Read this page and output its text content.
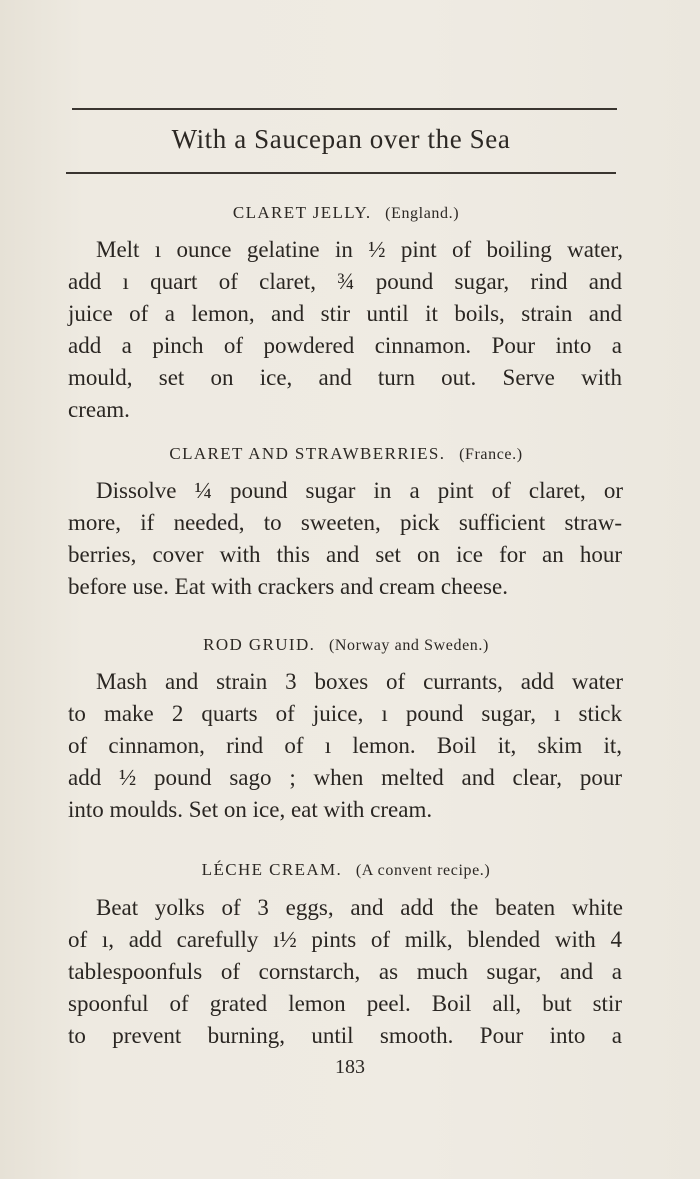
With a Saucepan over the Sea
CLARET JELLY. (England.)
Melt ı ounce gelatine in ½ pint of boiling water,
add ı quart of claret, ¾ pound sugar, rind and
juice of a lemon, and stir until it boils, strain and
add a pinch of powdered cinnamon. Pour into a
mould, set on ice, and turn out. Serve with
cream.
CLARET AND STRAWBERRIES. (France.)
Dissolve ¼ pound sugar in a pint of claret, or
more, if needed, to sweeten, pick sufficient straw-
berries, cover with this and set on ice for an hour
before use. Eat with crackers and cream cheese.
ROD GRUID. (Norway and Sweden.)
Mash and strain 3 boxes of currants, add water
to make 2 quarts of juice, ı pound sugar, ı stick
of cinnamon, rind of ı lemon. Boil it, skim it,
add ½ pound sago ; when melted and clear, pour
into moulds. Set on ice, eat with cream.
LÉCHE CREAM. (A convent recipe.)
Beat yolks of 3 eggs, and add the beaten white
of ı, add carefully ı½ pints of milk, blended with 4
tablespoonfuls of cornstarch, as much sugar, and a
spoonful of grated lemon peel. Boil all, but stir
to prevent burning, until smooth. Pour into a
183
